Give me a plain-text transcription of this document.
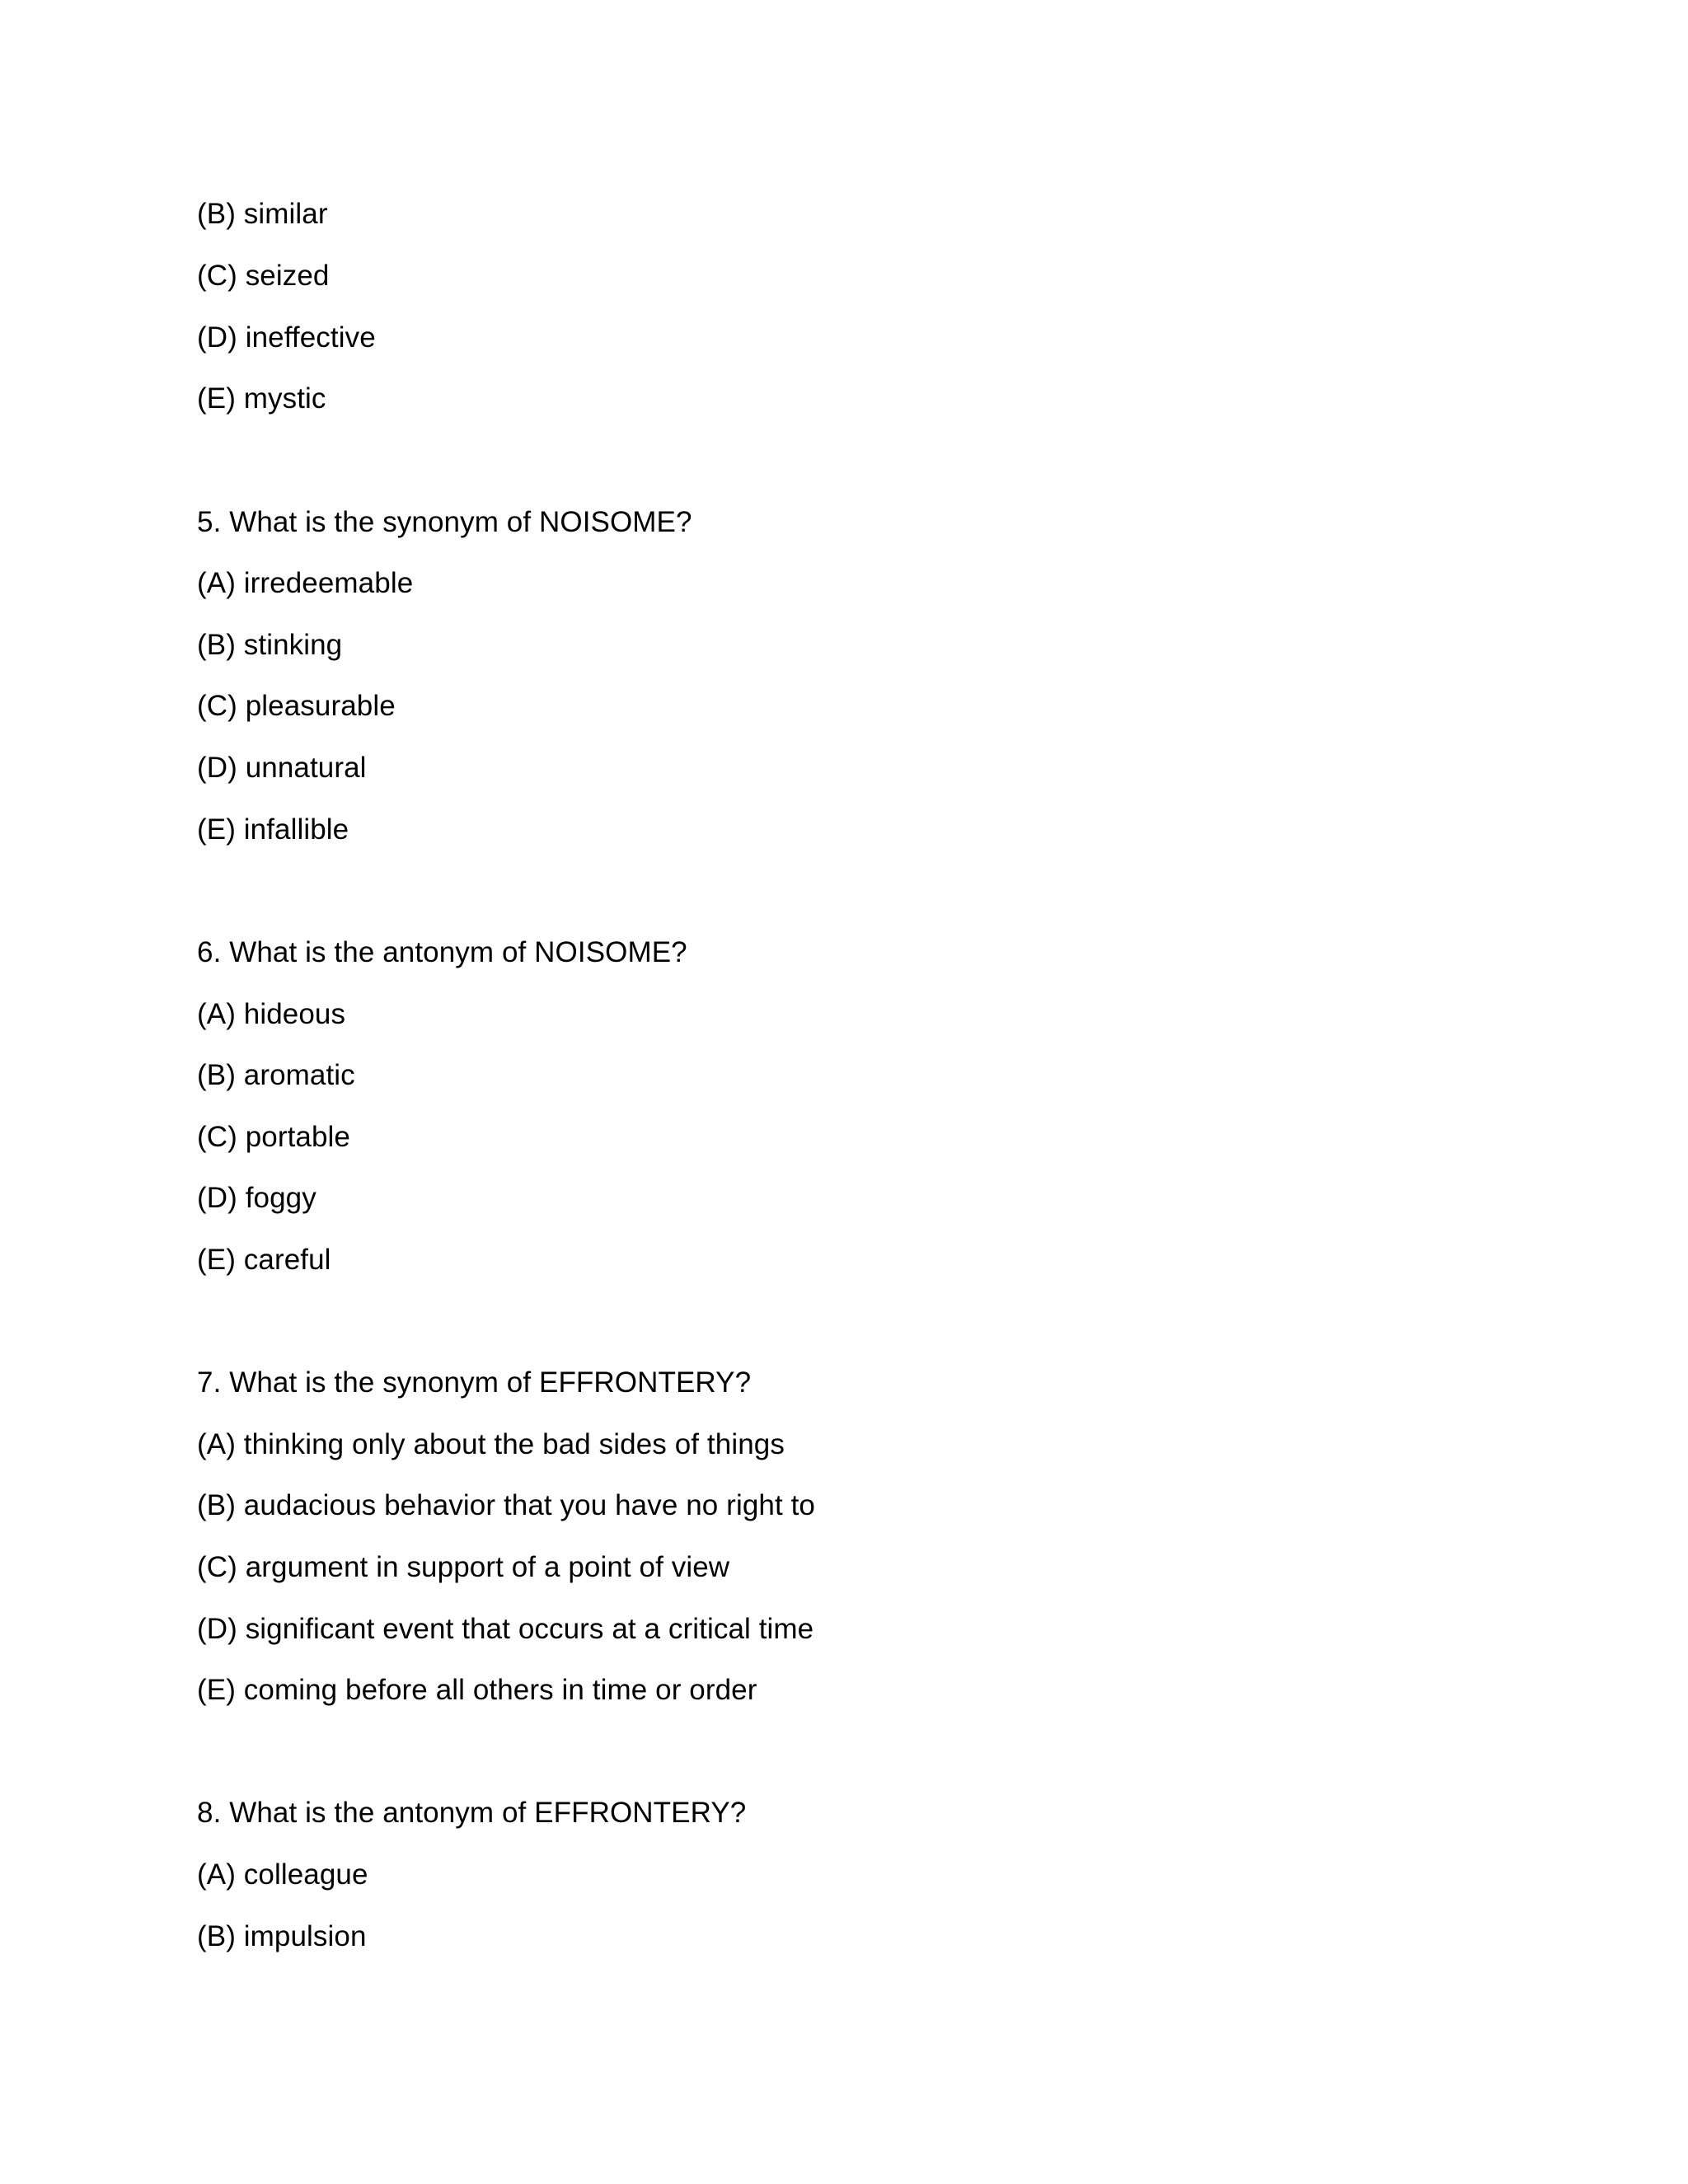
(B) similar
(C) seized
(D) ineffective
(E) mystic
5. What is the synonym of NOISOME?
(A) irredeemable
(B) stinking
(C) pleasurable
(D) unnatural
(E) infallible
6. What is the antonym of NOISOME?
(A) hideous
(B) aromatic
(C) portable
(D) foggy
(E) careful
7. What is the synonym of EFFRONTERY?
(A) thinking only about the bad sides of things
(B) audacious behavior that you have no right to
(C) argument in support of a point of view
(D) significant event that occurs at a critical time
(E) coming before all others in time or order
8. What is the antonym of EFFRONTERY?
(A) colleague
(B) impulsion
